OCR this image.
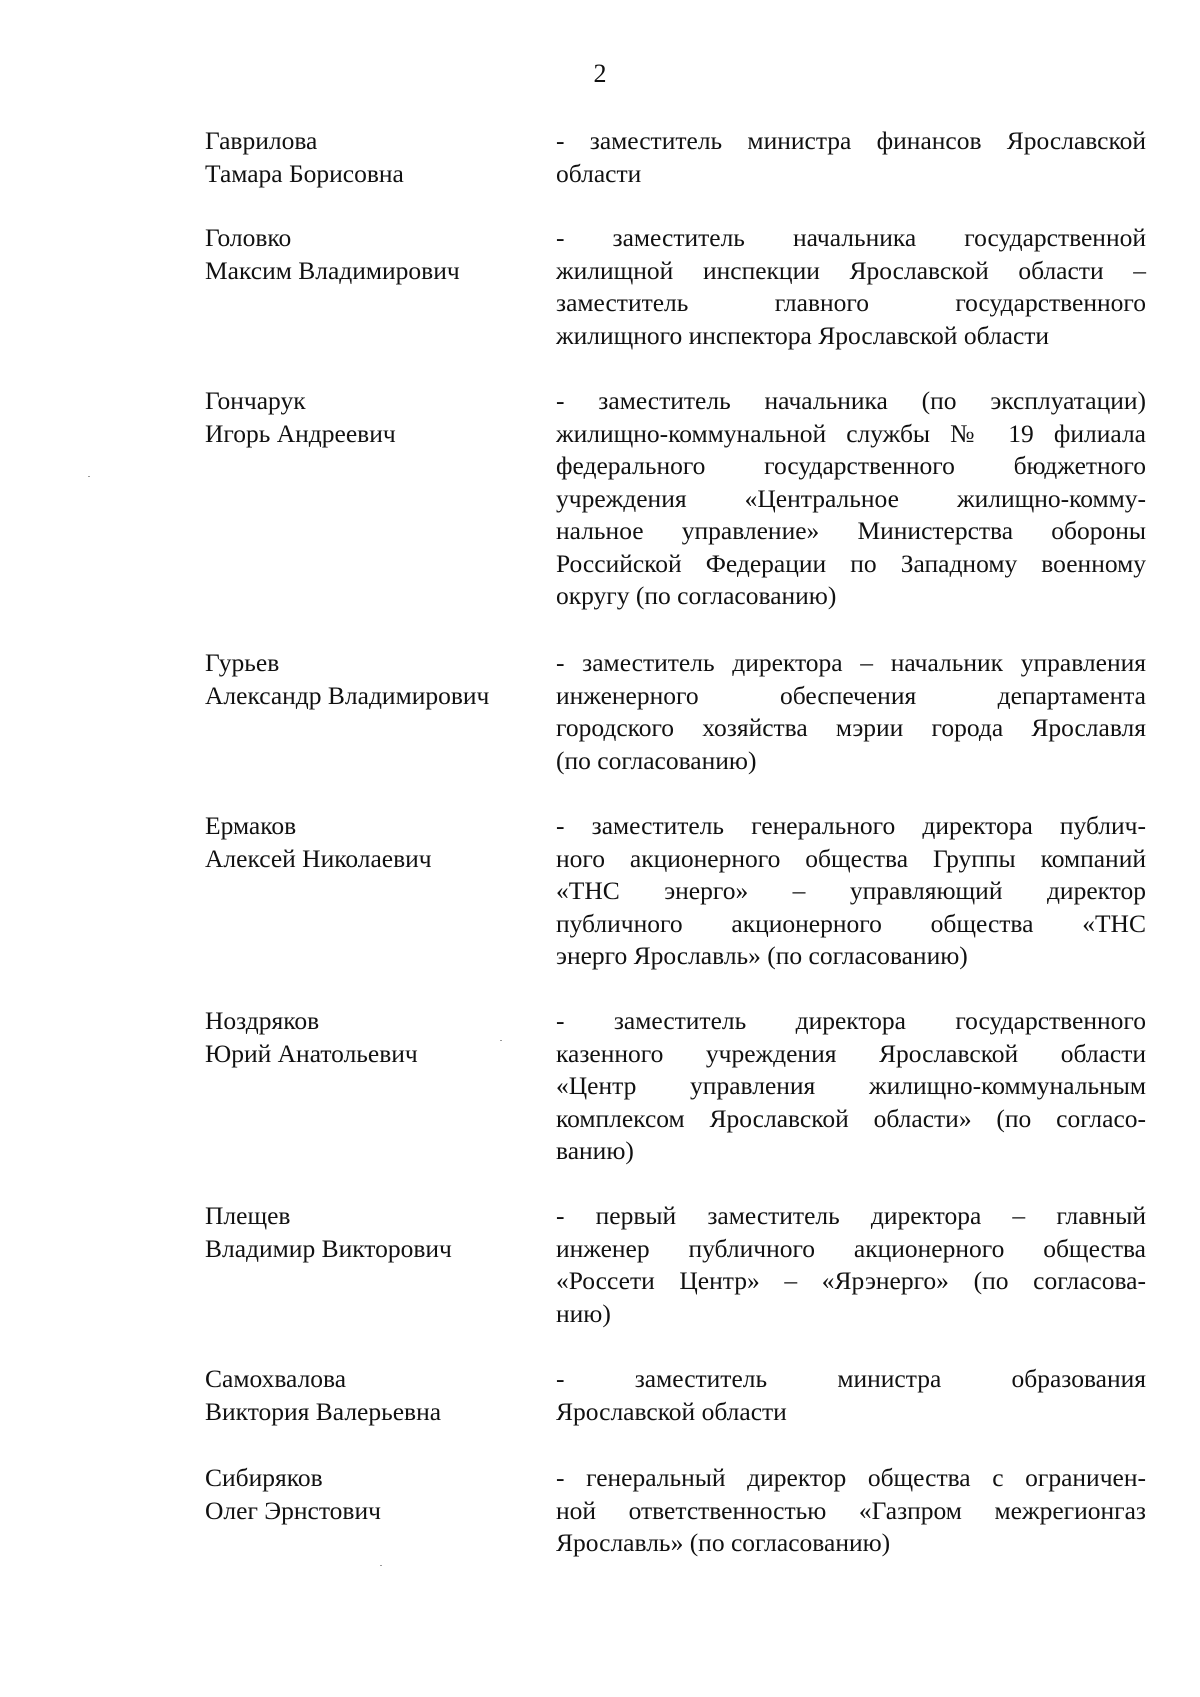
2
Гаврилова
Тамара Борисовна
- заместитель министра финансов Ярославской
области
Головко
Максим Владимирович
- заместитель начальника государственной
жилищной инспекции Ярославской области –
заместитель главного государственного
жилищного инспектора Ярославской области
Гончарук
Игорь Андреевич
- заместитель начальника (по эксплуатации)
жилищно-коммунальной службы № 19 филиала
федерального государственного бюджетного
учреждения «Центральное жилищно-комму-
нальное управление» Министерства обороны
Российской Федерации по Западному военному
округу (по согласованию)
Гурьев
Александр Владимирович
- заместитель директора – начальник управления
инженерного обеспечения департамента
городского хозяйства мэрии города Ярославля
(по согласованию)
Ермаков
Алексей Николаевич
- заместитель генерального директора публич-
ного акционерного общества Группы компаний
«ТНС энерго» – управляющий директор
публичного акционерного общества «ТНС
энерго Ярославль» (по согласованию)
Ноздряков
Юрий Анатольевич
- заместитель директора государственного
казенного учреждения Ярославской области
«Центр управления жилищно-коммунальным
комплексом Ярославской области» (по согласо-
ванию)
Плещев
Владимир Викторович
- первый заместитель директора – главный
инженер публичного акционерного общества
«Россети Центр» – «Ярэнерго» (по согласова-
нию)
Самохвалова
Виктория Валерьевна
- заместитель министра образования
Ярославской области
Сибиряков
Олег Эрнстович
- генеральный директор общества с ограничен-
ной ответственностью «Газпром межрегионгаз
Ярославль» (по согласованию)
